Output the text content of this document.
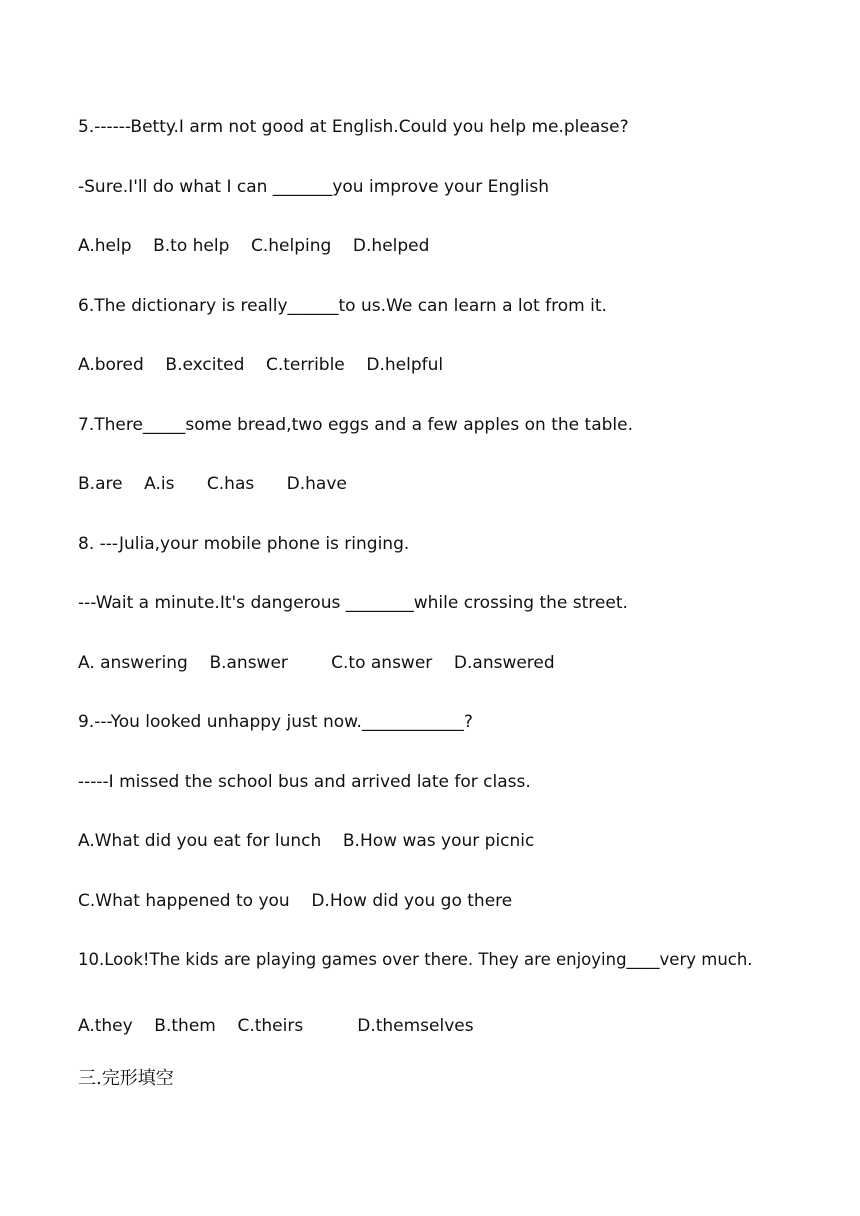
5.------Betty.I arm not good at English.Could you help me.please?
-Sure.I'll do what I can _______you improve your English
A.help    B.to help    C.helping    D.helped
6.The dictionary is really______to us.We can learn a lot from it.
A.bored    B.excited    C.terrible    D.helpful
7.There_____some bread,two eggs and a few apples on the table.
B.are    A.is      C.has      D.have
8. ---Julia,your mobile phone is ringing.
---Wait a minute.It's dangerous ________while crossing the street.
A. answering    B.answer        C.to answer    D.answered
9.---You looked unhappy just now.____________?
-----I missed the school bus and arrived late for class.
A.What did you eat for lunch    B.How was your picnic
C.What happened to you    D.How did you go there
10.Look!The kids are playing games over there. They are enjoying____very much.
A.they    B.them    C.theirs          D.themselves
三.完形填空
